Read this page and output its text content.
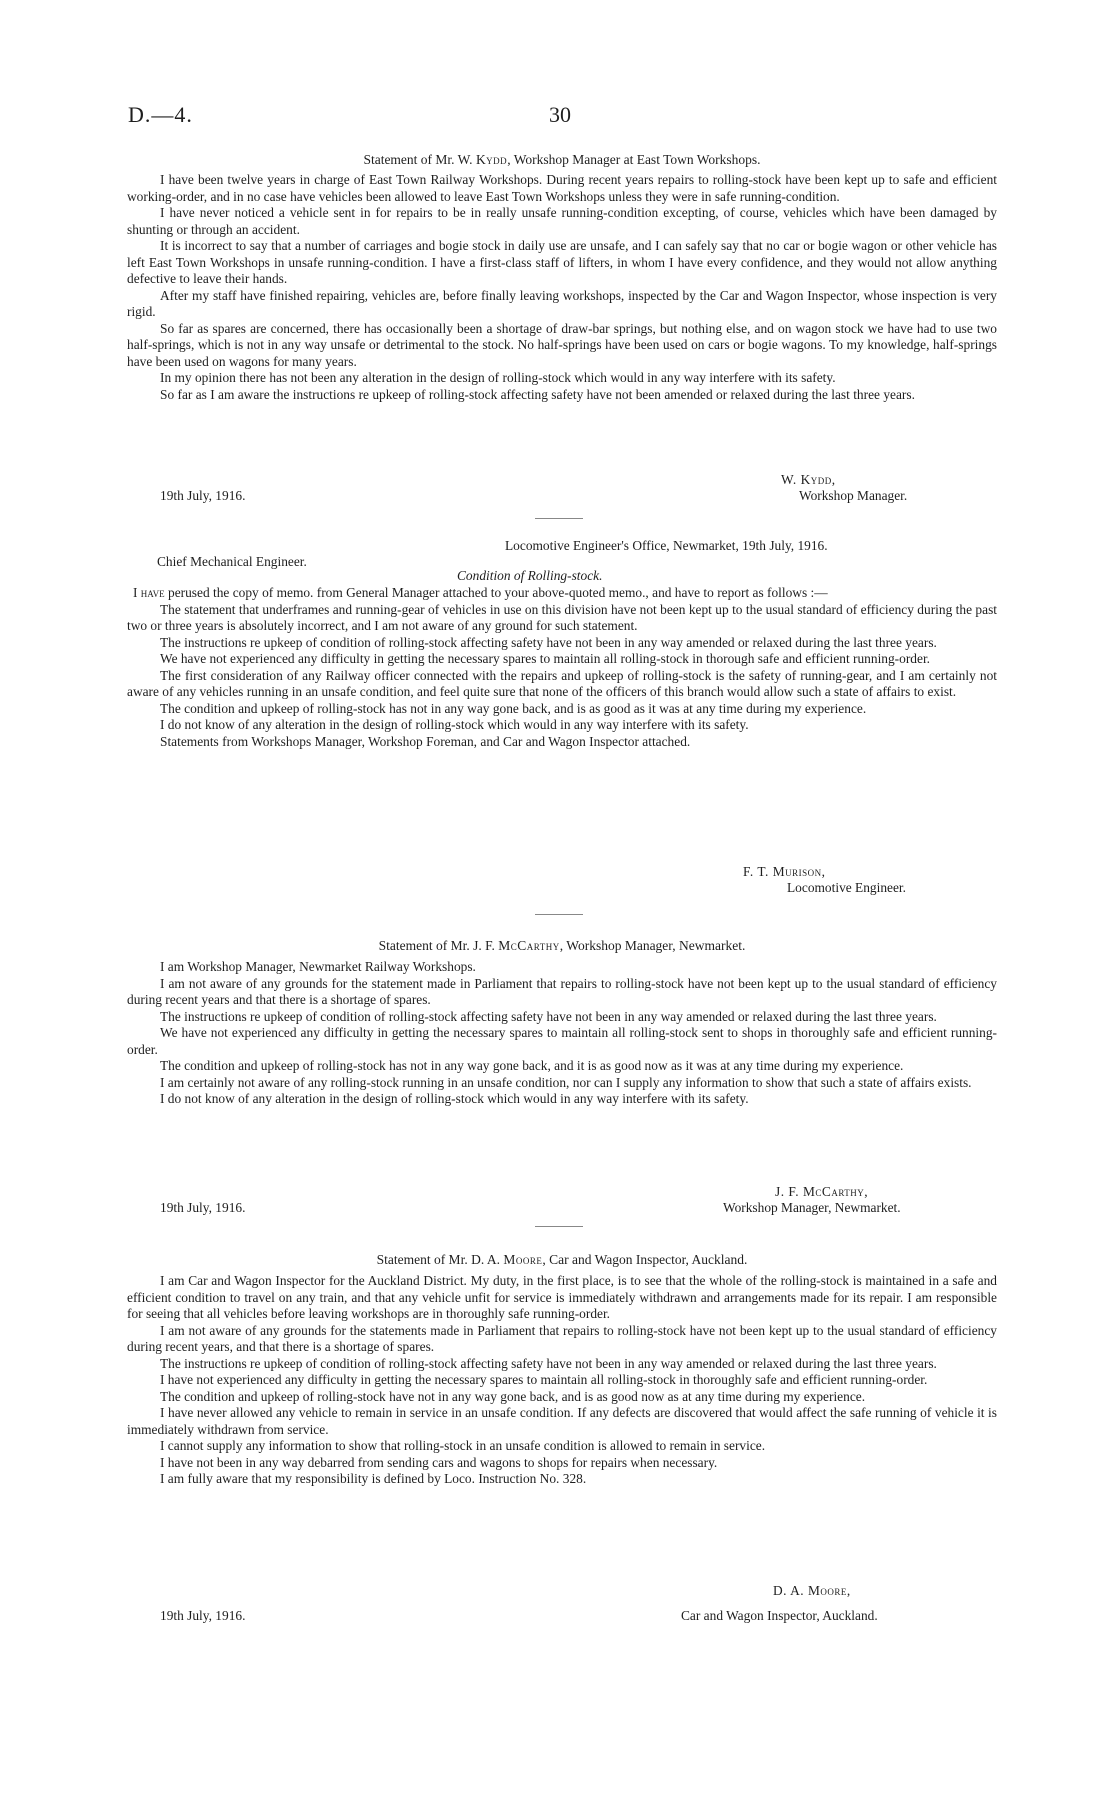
D.—4.	30
Statement of Mr. W. Kydd, Workshop Manager at East Town Workshops.

I have been twelve years in charge of East Town Railway Workshops. During recent years repairs to rolling-stock have been kept up to safe and efficient working-order, and in no case have vehicles been allowed to leave East Town Workshops unless they were in safe running-condition.

I have never noticed a vehicle sent in for repairs to be in really unsafe running-condition excepting, of course, vehicles which have been damaged by shunting or through an accident.

It is incorrect to say that a number of carriages and bogie stock in daily use are unsafe, and I can safely say that no car or bogie wagon or other vehicle has left East Town Workshops in unsafe running-condition. I have a first-class staff of lifters, in whom I have every confidence, and they would not allow anything defective to leave their hands.

After my staff have finished repairing, vehicles are, before finally leaving workshops, inspected by the Car and Wagon Inspector, whose inspection is very rigid.

So far as spares are concerned, there has occasionally been a shortage of draw-bar springs, but nothing else, and on wagon stock we have had to use two half-springs, which is not in any way unsafe or detrimental to the stock. No half-springs have been used on cars or bogie wagons. To my knowledge, half-springs have been used on wagons for many years.

In my opinion there has not been any alteration in the design of rolling-stock which would in any way interfere with its safety.

So far as I am aware the instructions re upkeep of rolling-stock affecting safety have not been amended or relaxed during the last three years.

W. Kydd,
Workshop Manager.
19th July, 1916.
Locomotive Engineer's Office, Newmarket, 19th July, 1916.
Chief Mechanical Engineer.
Condition of Rolling-stock.

I have perused the copy of memo. from General Manager attached to your above-quoted memo., and have to report as follows :—

The statement that underframes and running-gear of vehicles in use on this division have not been kept up to the usual standard of efficiency during the past two or three years is absolutely incorrect, and I am not aware of any ground for such statement.

The instructions re upkeep of condition of rolling-stock affecting safety have not been in any way amended or relaxed during the last three years.

We have not experienced any difficulty in getting the necessary spares to maintain all rolling-stock in thorough safe and efficient running-order.

The first consideration of any Railway officer connected with the repairs and upkeep of rolling-stock is the safety of running-gear, and I am certainly not aware of any vehicles running in an unsafe condition, and feel quite sure that none of the officers of this branch would allow such a state of affairs to exist.

The condition and upkeep of rolling-stock has not in any way gone back, and is as good as it was at any time during my experience.

I do not know of any alteration in the design of rolling-stock which would in any way interfere with its safety.

Statements from Workshops Manager, Workshop Foreman, and Car and Wagon Inspector attached.

F. T. Murison,
Locomotive Engineer.
Statement of Mr. J. F. McCarthy, Workshop Manager, Newmarket.

I am Workshop Manager, Newmarket Railway Workshops.

I am not aware of any grounds for the statement made in Parliament that repairs to rolling-stock have not been kept up to the usual standard of efficiency during recent years and that there is a shortage of spares.

The instructions re upkeep of condition of rolling-stock affecting safety have not been in any way amended or relaxed during the last three years.

We have not experienced any difficulty in getting the necessary spares to maintain all rolling-stock sent to shops in thoroughly safe and efficient running-order.

The condition and upkeep of rolling-stock has not in any way gone back, and it is as good now as it was at any time during my experience.

I am certainly not aware of any rolling-stock running in an unsafe condition, nor can I supply any information to show that such a state of affairs exists.

I do not know of any alteration in the design of rolling-stock which would in any way interfere with its safety.

J. F. McCarthy,
Workshop Manager, Newmarket.
19th July, 1916.
Statement of Mr. D. A. Moore, Car and Wagon Inspector, Auckland.

I am Car and Wagon Inspector for the Auckland District. My duty, in the first place, is to see that the whole of the rolling-stock is maintained in a safe and efficient condition to travel on any train, and that any vehicle unfit for service is immediately withdrawn and arrangements made for its repair. I am responsible for seeing that all vehicles before leaving workshops are in thoroughly safe running-order.

I am not aware of any grounds for the statements made in Parliament that repairs to rolling-stock have not been kept up to the usual standard of efficiency during recent years, and that there is a shortage of spares.

The instructions re upkeep of condition of rolling-stock affecting safety have not been in any way amended or relaxed during the last three years.

I have not experienced any difficulty in getting the necessary spares to maintain all rolling-stock in thoroughly safe and efficient running-order.

The condition and upkeep of rolling-stock have not in any way gone back, and is as good now as at any time during my experience.

I have never allowed any vehicle to remain in service in an unsafe condition. If any defects are discovered that would affect the safe running of vehicle it is immediately withdrawn from service.

I cannot supply any information to show that rolling-stock in an unsafe condition is allowed to remain in service.

I have not been in any way debarred from sending cars and wagons to shops for repairs when necessary.

I am fully aware that my responsibility is defined by Loco. Instruction No. 328.

D. A. Moore,
Car and Wagon Inspector, Auckland.
19th July, 1916.
